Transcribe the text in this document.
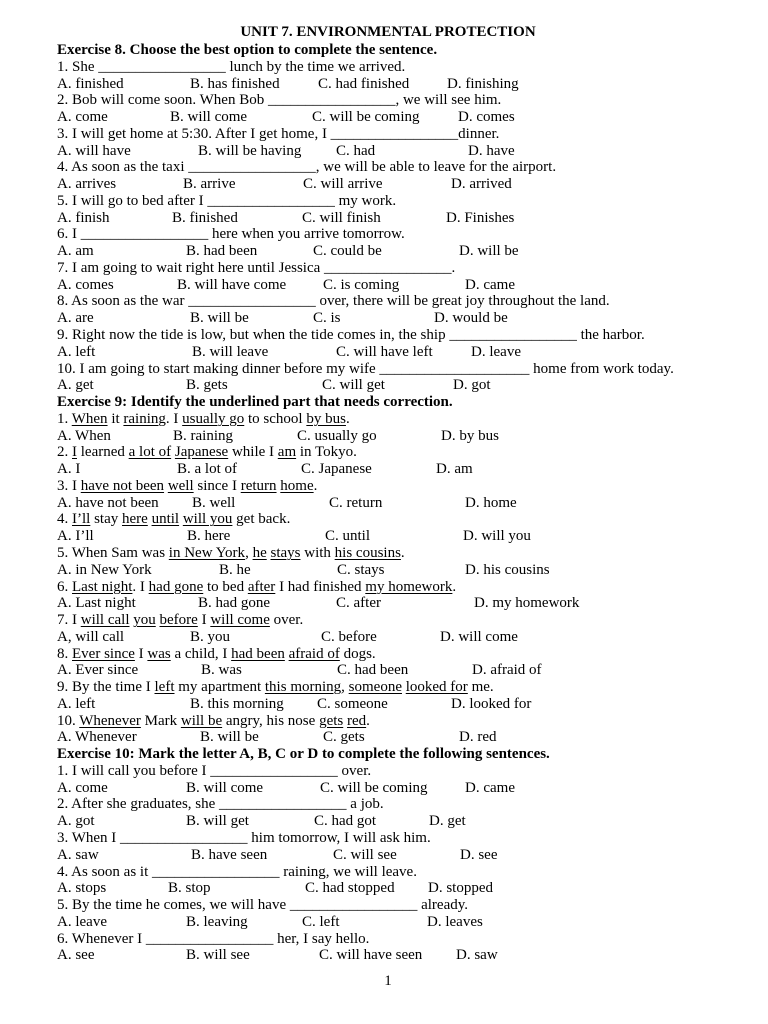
UNIT 7. ENVIRONMENTAL PROTECTION
Exercise 8. Choose the best option to complete the sentence.
1. She _________________ lunch by the time we arrived.
A. finished	B. has finished	C. had finished	D. finishing
2. Bob will come soon. When Bob _________________, we will see him.
A. come	B. will come	C. will be coming	D. comes
3. I will get home at 5:30. After I get home, I _________________dinner.
A. will have	B. will be having C. had	D. have
4. As soon as the taxi _________________, we will be able to leave for the airport.
A. arrives	B. arrive	C. will arrive	D. arrived
5. I will go to bed after I _________________ my work.
A. finish	B. finished	C. will finish	D. Finishes
6. I _________________ here when you arrive tomorrow.
A. am	B. had been	C. could be	D. will be
7. I am going to wait right here until Jessica _________________.
A. comes	B. will have come C. is coming	D. came
8. As soon as the war _________________ over, there will be great joy throughout the land.
A. are	B. will be	C. is	D. would be
9. Right now the tide is low, but when the tide comes in, the ship _________________ the harbor.
A. left	B. will leave	C. will have left	D. leave
10. I am going to start making dinner before my wife ____________________ home from work today.
A. get	B. gets	C. will get	D. got
Exercise 9: Identify the underlined part that needs correction.
1. When it raining. I usually go to school by bus.
A. When	B. raining	C. usually go	D. by bus
2. I learned a lot of Japanese while I am in Tokyo.
A. I	B. a lot of	C. Japanese	D. am
3. I have not been well since I return home.
A. have not been B. well	C. return	D. home
4. I’ll stay here until will you get back.
A. I’ll	B. here	C. until	D. will you
5. When Sam was in New York, he stays with his cousins.
A. in New York	B. he	C. stays	D. his cousins
6. Last night. I had gone to bed after I had finished my homework.
A. Last night	B. had gone	C. after	D. my homework
7. I will call you before I will come over.
A, will call	B. you	C. before	D. will come
8. Ever since I was a child, I had been afraid of dogs.
A. Ever since	B. was	C. had been	D. afraid of
9. By the time I left my apartment this morning, someone looked for me.
A. left	B. this morning C. someone	D. looked for
10. Whenever Mark will be angry, his nose gets red.
A. Whenever	B. will be	C. gets	D. red
Exercise 10: Mark the letter A, B, C or D to complete the following sentences.
1. I will call you before I _________________ over.
A. come	B. will come	C. will be coming	D. came
2. After she graduates, she _________________ a job.
A. got	B. will get	C. had got	D. get
3. When I _________________ him tomorrow, I will ask him.
A. saw	B. have seen	C. will see	D. see
4. As soon as it _________________ raining, we will leave.
A. stops	B. stop	C. had stopped D. stopped
5. By the time he comes, we will have _________________ already.
A. leave	B. leaving	C. left	D. leaves
6. Whenever I _________________ her, I say hello.
A. see	B. will see	C. will have seen D. saw
1
